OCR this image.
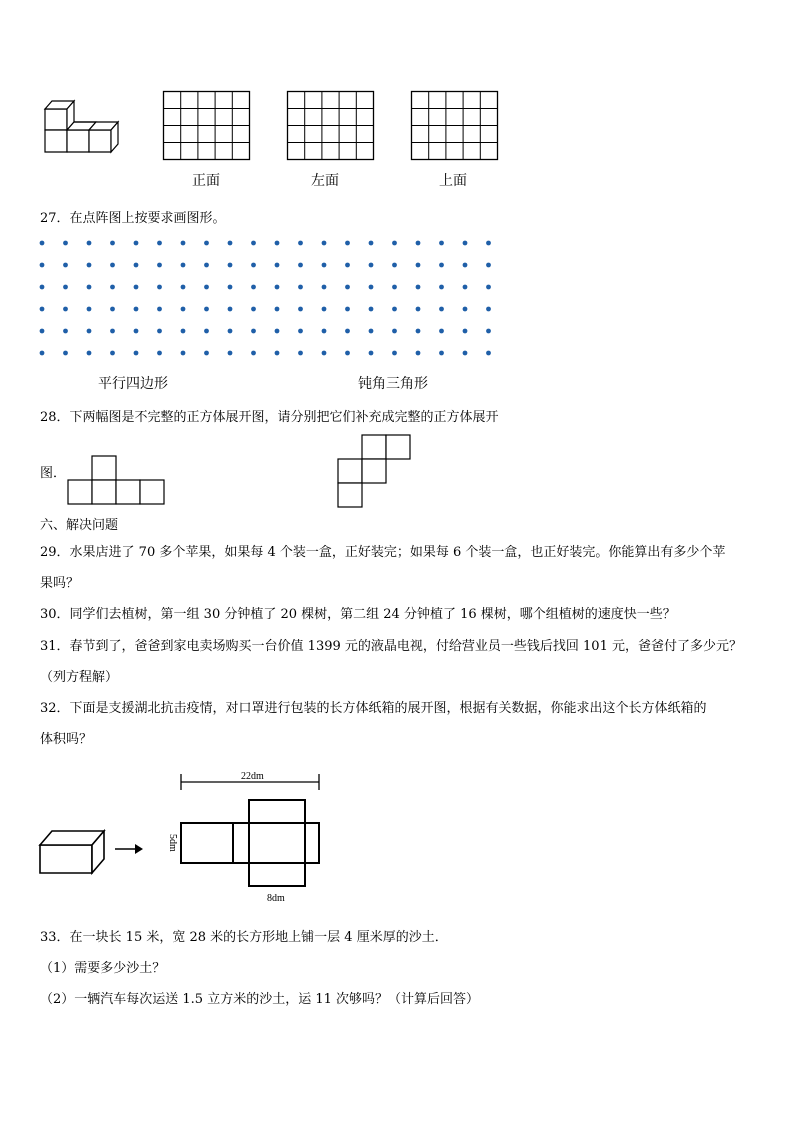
正面	左面	上面
27．在点阵图上按要求画图形。
平行四边形	钝角三角形
28．下两幅图是不完整的正方体展开图，请分别把它们补充成完整的正方体展开
图．
六、解决问题
29．水果店进了 70 多个苹果，如果每 4 个装一盒，正好装完；如果每 6 个装一盒，也正好装完。你能算出有多少个苹
果吗？
30．同学们去植树，第一组 30 分钟植了 20 棵树，第二组 24 分钟植了 16 棵树，哪个组植树的速度快一些？
31．春节到了，爸爸到家电卖场购买一台价值 1399 元的液晶电视，付给营业员一些钱后找回 101 元，爸爸付了多少元？
（列方程解）
32．下面是支援湖北抗击疫情，对口罩进行包装的长方体纸箱的展开图，根据有关数据，你能求出这个长方体纸箱的
体积吗？
22dm
5dm
8dm
33．在一块长 15 米，宽 28 米的长方形地上铺一层 4 厘米厚的沙土．
（1）需要多少沙土？
（2）一辆汽车每次运送 1.5 立方米的沙土，运 11 次够吗？（计算后回答）
